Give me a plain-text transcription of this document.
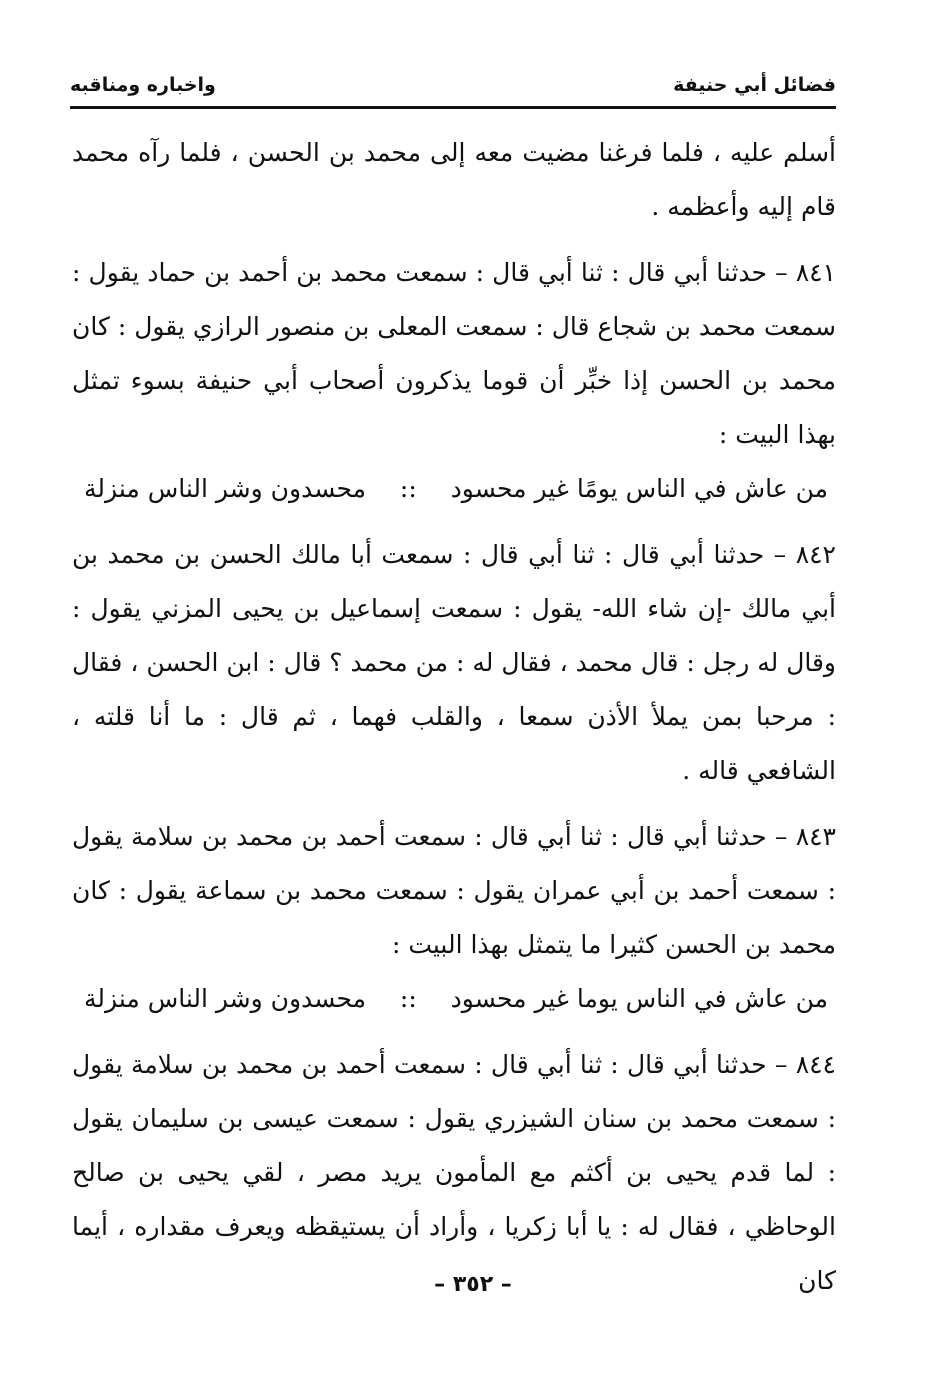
فضائل أبي حنيفة
واخباره ومناقبه

أسلم عليه ، فلما فرغنا مضيت معه إلى محمد بن الحسن ، فلما رآه محمد قام إليه وأعظمه .

٨٤١ – حدثنا أبي قال : ثنا أبي قال : سمعت محمد بن أحمد بن حماد يقول : سمعت محمد بن شجاع قال : سمعت المعلى بن منصور الرازي يقول : كان محمد بن الحسن إذا خبِّر أن قوما يذكرون أصحاب أبي حنيفة بسوء تمثل بهذا البيت :

من عاش في الناس يومًا غير محسود
::
محسدون وشر الناس منزلة

٨٤٢ – حدثنا أبي قال : ثنا أبي قال : سمعت أبا مالك الحسن بن محمد بن أبي مالك -إن شاء الله- يقول : سمعت إسماعيل بن يحيى المزني يقول : وقال له رجل : قال محمد ، فقال له : من محمد ؟ قال : ابن الحسن ، فقال : مرحبا بمن يملأ الأذن سمعا ، والقلب فهما ، ثم قال : ما أنا قلته ، الشافعي قاله .

٨٤٣ – حدثنا أبي قال : ثنا أبي قال : سمعت أحمد بن محمد بن سلامة يقول : سمعت أحمد بن أبي عمران يقول : سمعت محمد بن سماعة يقول : كان محمد بن الحسن كثيرا ما يتمثل بهذا البيت :

من عاش في الناس يوما غير محسود
::
محسدون وشر الناس منزلة

٨٤٤ – حدثنا أبي قال : ثنا أبي قال : سمعت أحمد بن محمد بن سلامة يقول : سمعت محمد بن سنان الشيزري يقول : سمعت عيسى بن سليمان يقول : لما قدم يحيى بن أكثم مع المأمون يريد مصر ، لقي يحيى بن صالح الوحاظي ، فقال له : يا أبا زكريا ، وأراد أن يستيقظه ويعرف مقداره ، أيما كان

– ٣٥٢ –
